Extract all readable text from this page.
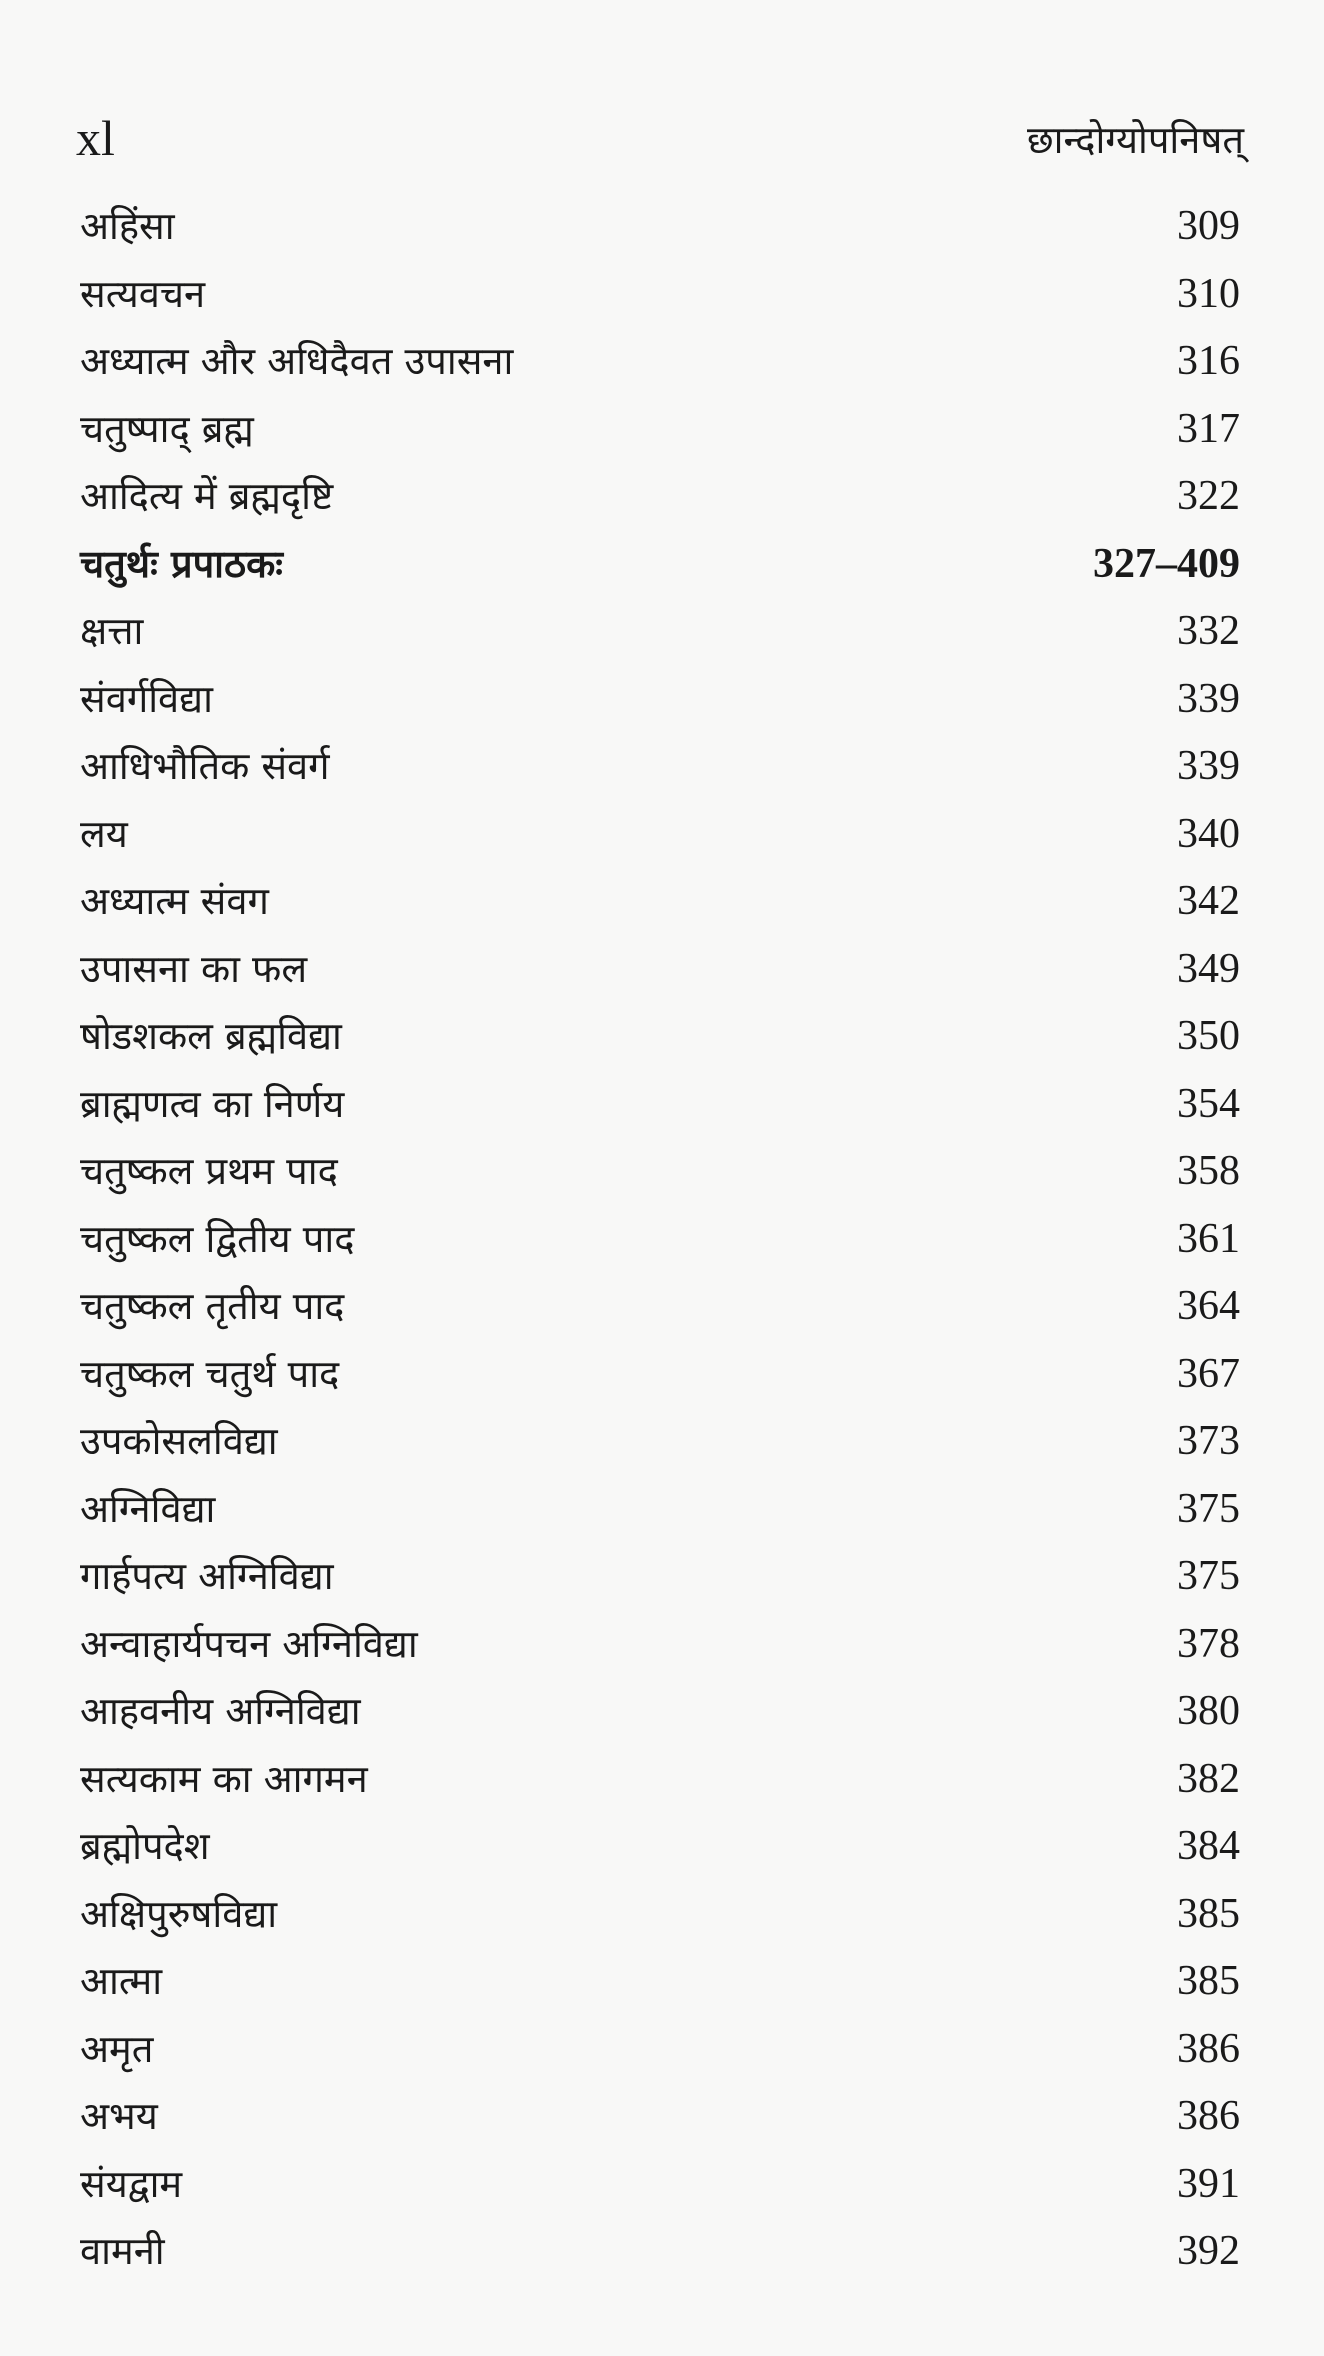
xl	छान्दोग्योपनिषत्
अहिंसा	309
सत्यवचन	310
अध्यात्म और अधिदैवत उपासना	316
चतुष्पाद् ब्रह्म	317
आदित्य में ब्रह्मदृष्टि	322
चतुर्थः प्रपाठकः	327–409
क्षत्ता	332
संवर्गविद्या	339
आधिभौतिक संवर्ग	339
लय	340
अध्यात्म संवग	342
उपासना का फल	349
षोडशकल ब्रह्मविद्या	350
ब्राह्मणत्व का निर्णय	354
चतुष्कल प्रथम पाद	358
चतुष्कल द्वितीय पाद	361
चतुष्कल तृतीय पाद	364
चतुष्कल चतुर्थ पाद	367
उपकोसलविद्या	373
अग्निविद्या	375
गार्हपत्य अग्निविद्या	375
अन्वाहार्यपचन अग्निविद्या	378
आहवनीय अग्निविद्या	380
सत्यकाम का आगमन	382
ब्रह्मोपदेश	384
अक्षिपुरुषविद्या	385
आत्मा	385
अमृत	386
अभय	386
संयद्वाम	391
वामनी	392
